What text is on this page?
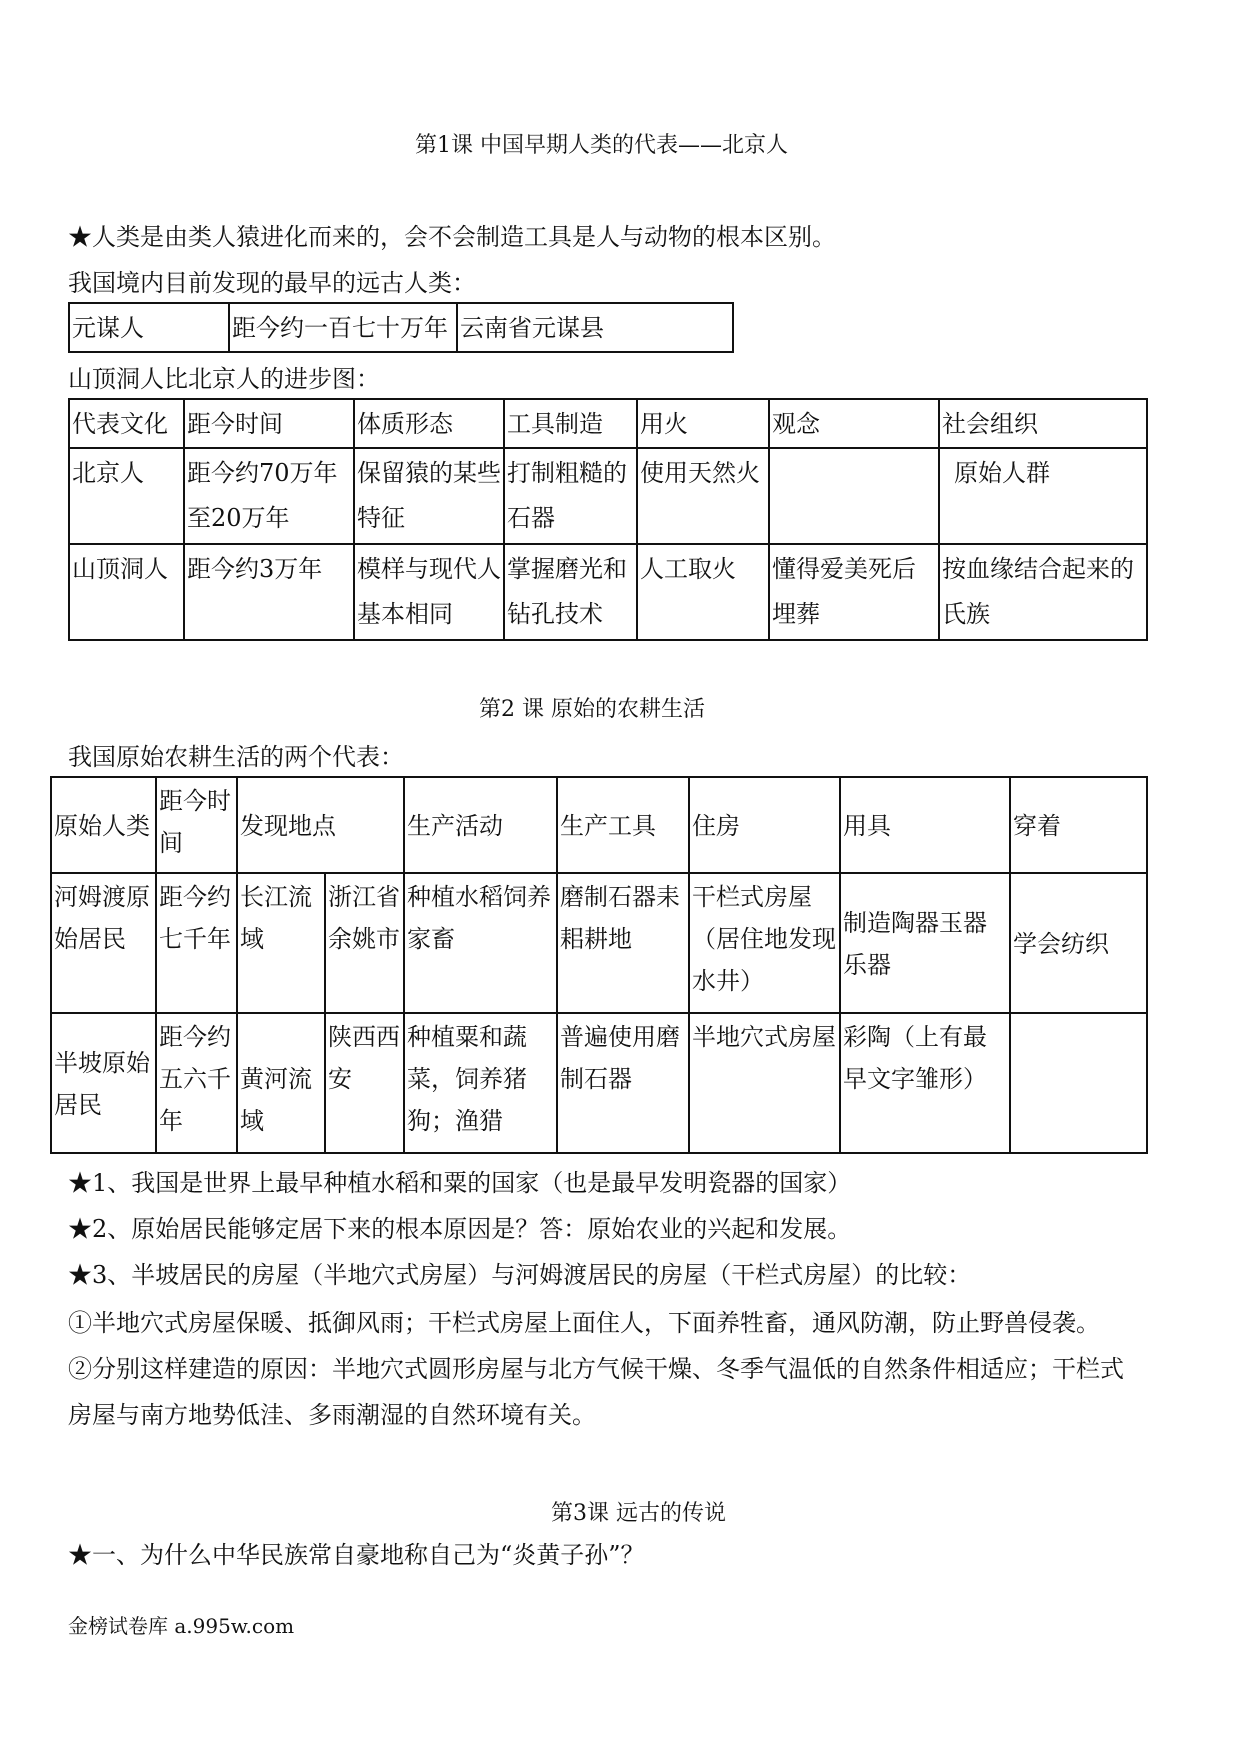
第1课 中国早期人类的代表——北京人
★人类是由类人猿进化而来的，会不会制造工具是人与动物的根本区别。
我国境内目前发现的最早的远古人类：
元谋人	距今约一百七十万年	云南省元谋县
山顶洞人比北京人的进步图：
代表文化	距今时间	体质形态	工具制造	用火	观念	社会组织
北京人	距今约70万年至20万年	保留猿的某些特征	打制粗糙的石器	使用天然火		原始人群
山顶洞人	距今约3万年	模样与现代人基本相同	掌握磨光和钻孔技术	人工取火	懂得爱美死后埋葬	按血缘结合起来的氏族
第2 课 原始的农耕生活
我国原始农耕生活的两个代表：
原始人类	距今时间	发现地点		生产活动	生产工具	住房	用具	穿着
河姆渡原始居民	距今约七千年	长江流域	浙江省余姚市	种植水稻饲养家畜	磨制石器耒耜耕地	干栏式房屋（居住地发现水井）	制造陶器玉器乐器	学会纺织
半坡原始居民	距今约五六千年	黄河流域	陕西西安	种植粟和蔬菜，饲养猪狗；渔猎	普遍使用磨制石器	半地穴式房屋	彩陶（上有最早文字雏形）	
★1、我国是世界上最早种植水稻和粟的国家（也是最早发明瓷器的国家）
★2、原始居民能够定居下来的根本原因是？答：原始农业的兴起和发展。
★3、半坡居民的房屋（半地穴式房屋）与河姆渡居民的房屋（干栏式房屋）的比较：
①半地穴式房屋保暖、抵御风雨；干栏式房屋上面住人，下面养牲畜，通风防潮，防止野兽侵袭。
②分别这样建造的原因：半地穴式圆形房屋与北方气候干燥、冬季气温低的自然条件相适应；干栏式
房屋与南方地势低洼、多雨潮湿的自然环境有关。
第3课 远古的传说
★一、为什么中华民族常自豪地称自己为“炎黄子孙”？
金榜试卷库 a.995w.com
